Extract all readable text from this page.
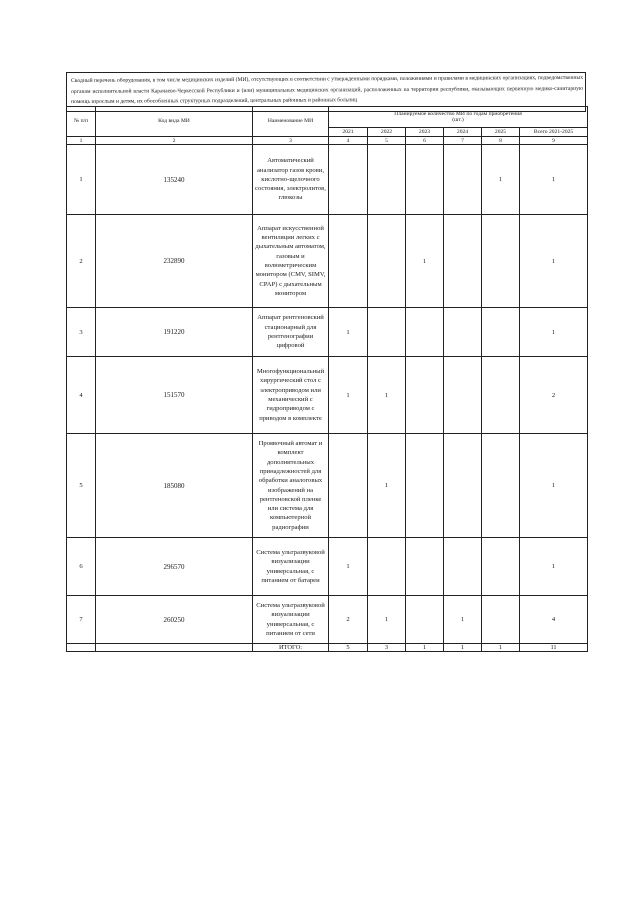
Сводный перечень оборудования, в том числе медицинских изделий (МИ), отсутствующих в соответствии с утвержденными порядками, положениями и правилами в медицинских организациях, подведомственных органам исполнительной власти Карачаево-Черкесской Республики и (или) муниципальных медицинских организаций, расположенных на территории республики, оказывающих первичную медико-санитарную помощь взрослым и детям, их обособленных структурных подразделений, центральных районных и районных больниц
№ п/п	Код вида МИ	Наименование МИ	Планируемое количество МИ по годам приобретения
(шт.)					

			2021	2022	2023	2024	2025	Всего 2021-2025
1	2	3	4	5	6	7	8	9
1	135240	Автоматический анализатор газов крови, кислотно-щелочного состояния, электролитов, глюкозы					1	1
2	232890	Аппарат искусственной вентиляции легких с дыхательным автоматом, газовым и волюметрическим монитором (CMV, SIMV, CPAP) с дыхательным монитором			1			1
3	191220	Аппарат рентгеновский стационарный для рентгенографии цифровой	1					1
4	151570	Многофункциональный хирургический стол с электроприводом или механический с гидроприводом с приводом в комплекте	1	1				2
5	185080	Проявочный автомат и комплект дополнительных принадлежностей для обработки аналоговых изображений на рентгеновской пленке или система для компьютерной радиографии		1				1
6	296570	Система ультразвуковой визуализации универсальная, с питанием от батареи	1					1
7	260250	Система ультразвуковой визуализации универсальная, с питанием от сети	2	1		1		4
		ИТОГО:	5	3	1	1	1	11
